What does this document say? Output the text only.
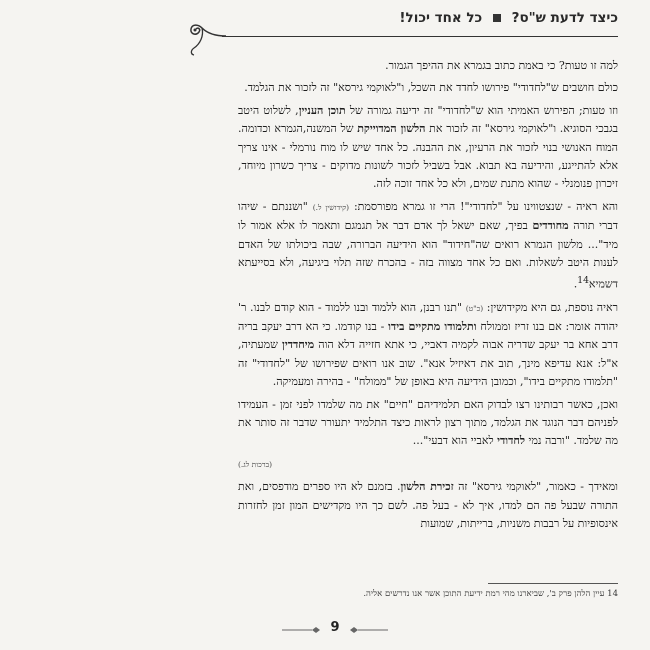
כיצד לדעת ש"ס?  כל אחד יכול!

למה זו טעות? כי באמת כתוב בגמרא את ההיפך הגמור.

כולם חושבים ש"לחדודי" פירושו לחדד את השכל, ו"לאוקמי גירסא" זה לזכור את הגלמד.

וזו טעות; הפירוש האמיתי הוא ש"לחדודי" זה ידיעה גמורה של תוכן העניין, לשלוט היטב בגבכי הסוגיא. ו"לאוקמי גירסא" זה לזכור את הלשון המדוייקת של המשנה,הגמרא וכדומה. המוח האנושי בנוי לזכור את הרעיון, את ההבנה. כל אחד שיש לו מוח נורמלי - אינו צריך אלא להתייגע, והידיעה בא תבוא. אבל בשביל לזכור לשונות מדוקים - צריך כשרון מיוחד, זיכרון פנומנלי - שהוא מתנת שמים, ולא כל אחד זוכה לזה.

והא ראיה - שנצטווינו על "לחדודי"! הרי זו גמרא מפורסמת: (קידושין ל.) "ושננתם - שיהו דברי תורה מחודדים בפיך, שאם ישאל לך אדם דבר אל תגמגם ותאמר לו אלא אמור לו מיד"... מלשון הגמרא רואים שה"חידוד" הוא הידיעה הברורה, שבה ביכולתו של האדם לענות היטב לשאלות. ואם כל אחד מצווה בזה - בהכרח שזה תלוי ביגיעה, ולא בסייעתא דשמיא$^{14}$.

ראיה נוספת, גם היא מקידושין: (כ"ט) "תנו רבנן, הוא ללמוד ובנו ללמוד - הוא קודם לבנו. ר' יהודה אומר: אם בנו זריז וממולח ותלמודו מתקיים בידו - בנו קודמו. כי הא דרב יעקב בריה דרב אחא בר יעקב שדריה אבוה לקמיה דאביי, כי אתא חזייה דלא הוה מיחדדין שמעתיה, א"ל: אנא עדיפא מינך, תוב את דאיזיל אנא". שוב אנו רואים שפירושו של "לחדודי" זה "תלמודו מתקיים בידו", וכמובן הידיעה היא באופן של "ממולח" - בהירה ומעמיקה.

ואכן, כאשר רבותינו רצו לבדוק האם תלמידיהם "חיים" את מה שלמדו לפני זמן - העמידו לפניהם דבר הנוגד את הגלמד, מתוך רצון לראות כיצד התלמיד יתעורר שדבר זה סותר את מה שלמד. "ורבה נמי לחדודי לאביי הוא דבעי"...

(ברכות לג.)

ומאידך - כאמור, "לאוקמי גירסא" זה זכירת הלשון. בזמנם לא היו ספרים מודפסים, ואת התורה שבעל פה הם למדו, איך לא - בעל פה. לשם כך היו מקדישים המון זמן לחזרות אינסופיות על רבבות משניות, ברייתות, שמועות

14 עיין הלהן פרק ב', שביארנו מהי רמת ידיעת התוכן אשר אנו נדרשים אליה.
9
